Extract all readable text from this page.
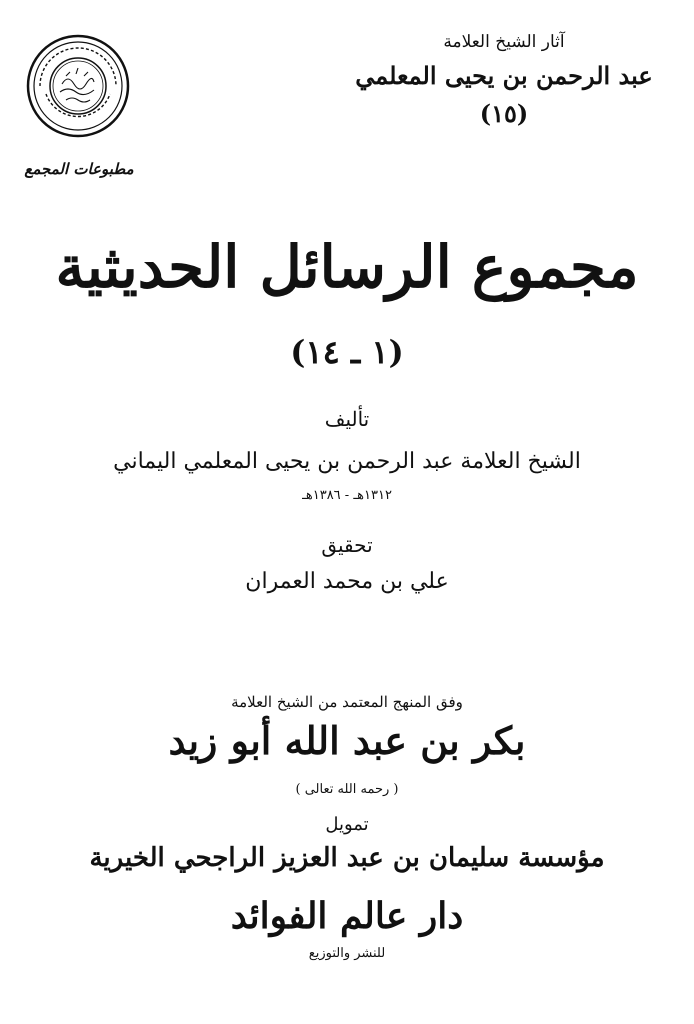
مطبوعات المجمع
آثار الشيخ العلامة
عبد الرحمن بن يحيى المعلمي
(١٥)
مجموع الرسائل الحديثية
(١ ـ ١٤)
تأليف
الشيخ العلامة عبد الرحمن بن يحيى المعلمي اليماني
١٣١٢هـ - ١٣٨٦هـ
تحقيق
علي بن محمد العمران
وفق المنهج المعتمد من الشيخ العلامة
بكر بن عبد الله أبو زيد
( رحمه الله تعالى )
تمويل
مؤسسة سليمان بن عبد العزيز الراجحي الخيرية
دار عالم الفوائد
للنشر والتوزيع
